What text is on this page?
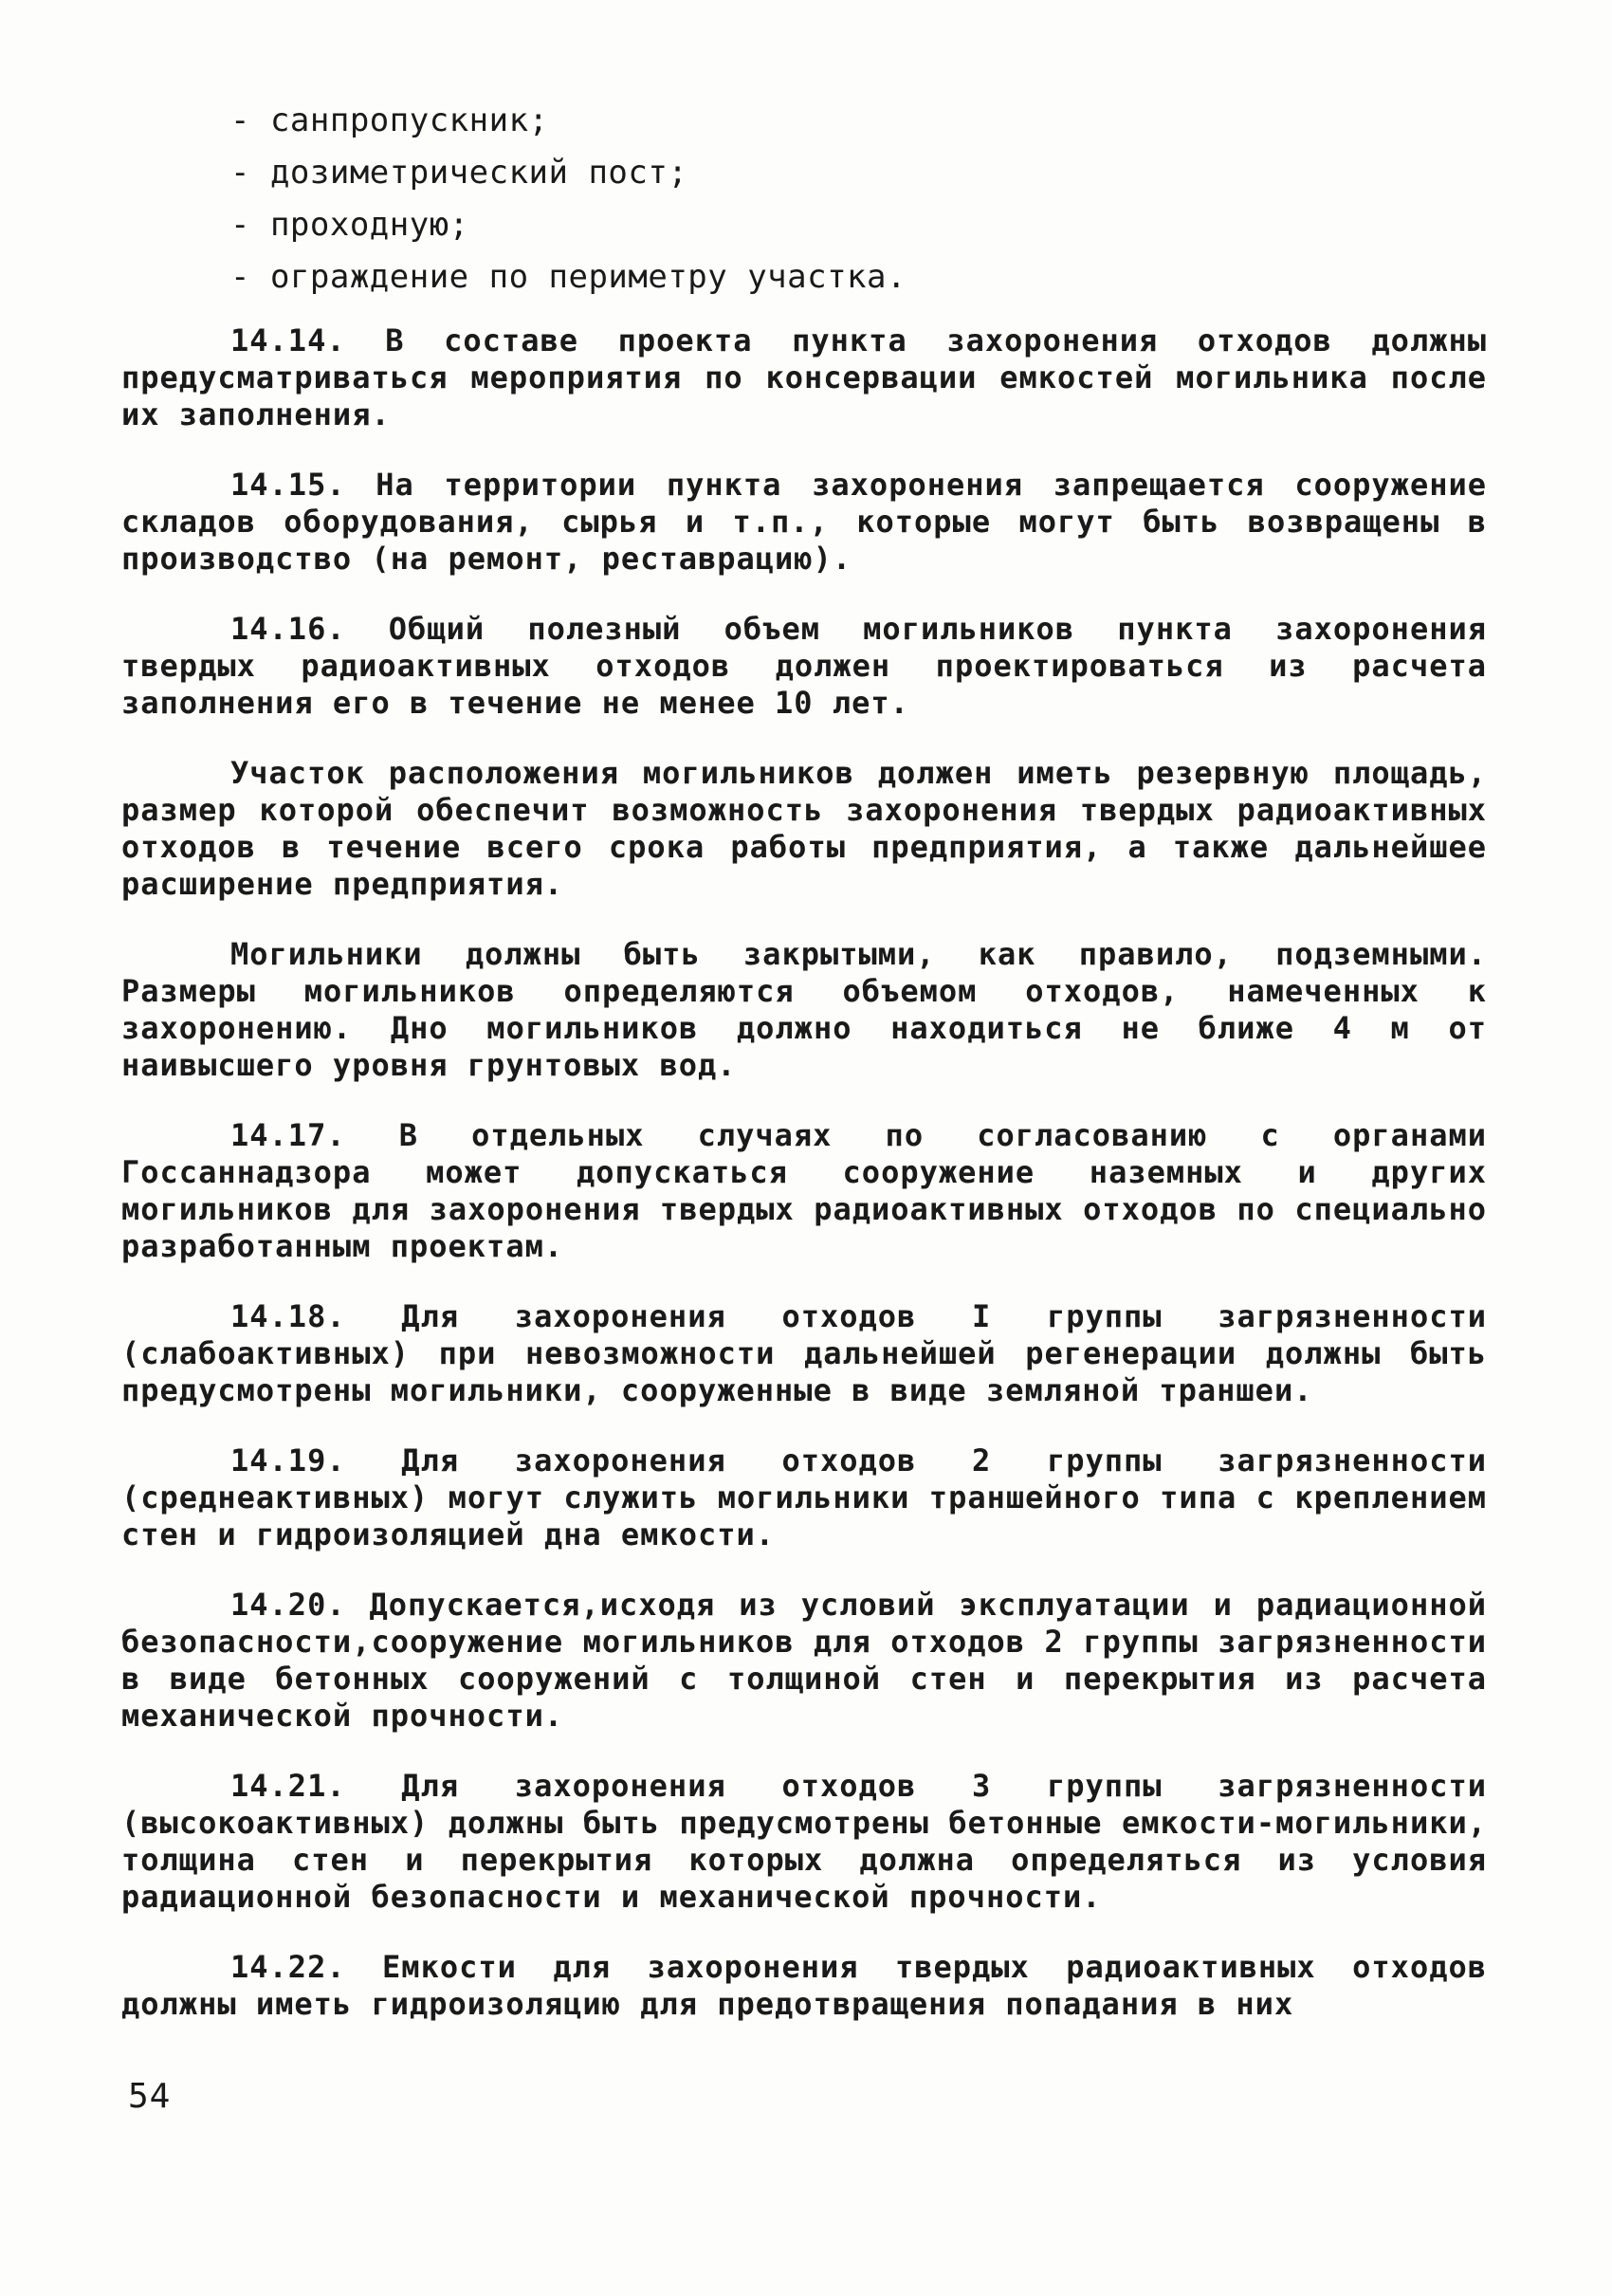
- санпропускник;
- дозиметрический пост;
- проходную;
- ограждение по периметру участка.

14.14. В составе проекта пункта захоронения отходов должны предусматриваться мероприятия по консервации емкостей могильника после их заполнения.

14.15. На территории пункта захоронения запрещается сооружение складов оборудования, сырья и т.п., которые могут быть возвращены в производство (на ремонт, реставрацию).

14.16. Общий полезный объем могильников пункта захоронения твердых радиоактивных отходов должен проектироваться из расчета заполнения его в течение не менее 10 лет.

Участок расположения могильников должен иметь резервную площадь, размер которой обеспечит возможность захоронения твердых радиоактивных отходов в течение всего срока работы предприятия, а также дальнейшее расширение предприятия.

Могильники должны быть закрытыми, как правило, подземными. Размеры могильников определяются объемом отходов, намеченных к захоронению. Дно могильников должно находиться не ближе 4 м от наивысшего уровня грунтовых вод.

14.17. В отдельных случаях по согласованию с органами Госсаннадзора может допускаться сооружение наземных и других могильников для захоронения твердых радиоактивных отходов по специально разработанным проектам.

14.18. Для захоронения отходов I группы загрязненности (слабоактивных) при невозможности дальнейшей регенерации должны быть предусмотрены могильники, сооруженные в виде земляной траншеи.

14.19. Для захоронения отходов 2 группы загрязненности (среднеактивных) могут служить могильники траншейного типа с креплением стен и гидроизоляцией дна емкости.

14.20. Допускается,исходя из условий эксплуатации и радиационной безопасности,сооружение могильников для отходов 2 группы загрязненности в виде бетонных сооружений с толщиной стен и перекрытия из расчета механической прочности.

14.21. Для захоронения отходов 3 группы загрязненности (высокоактивных) должны быть предусмотрены бетонные емкости-могильники, толщина стен и перекрытия которых должна определяться из условия радиационной безопасности и механической прочности.

14.22. Емкости для захоронения твердых радиоактивных отходов должны иметь гидроизоляцию для предотвращения попадания в них

54
